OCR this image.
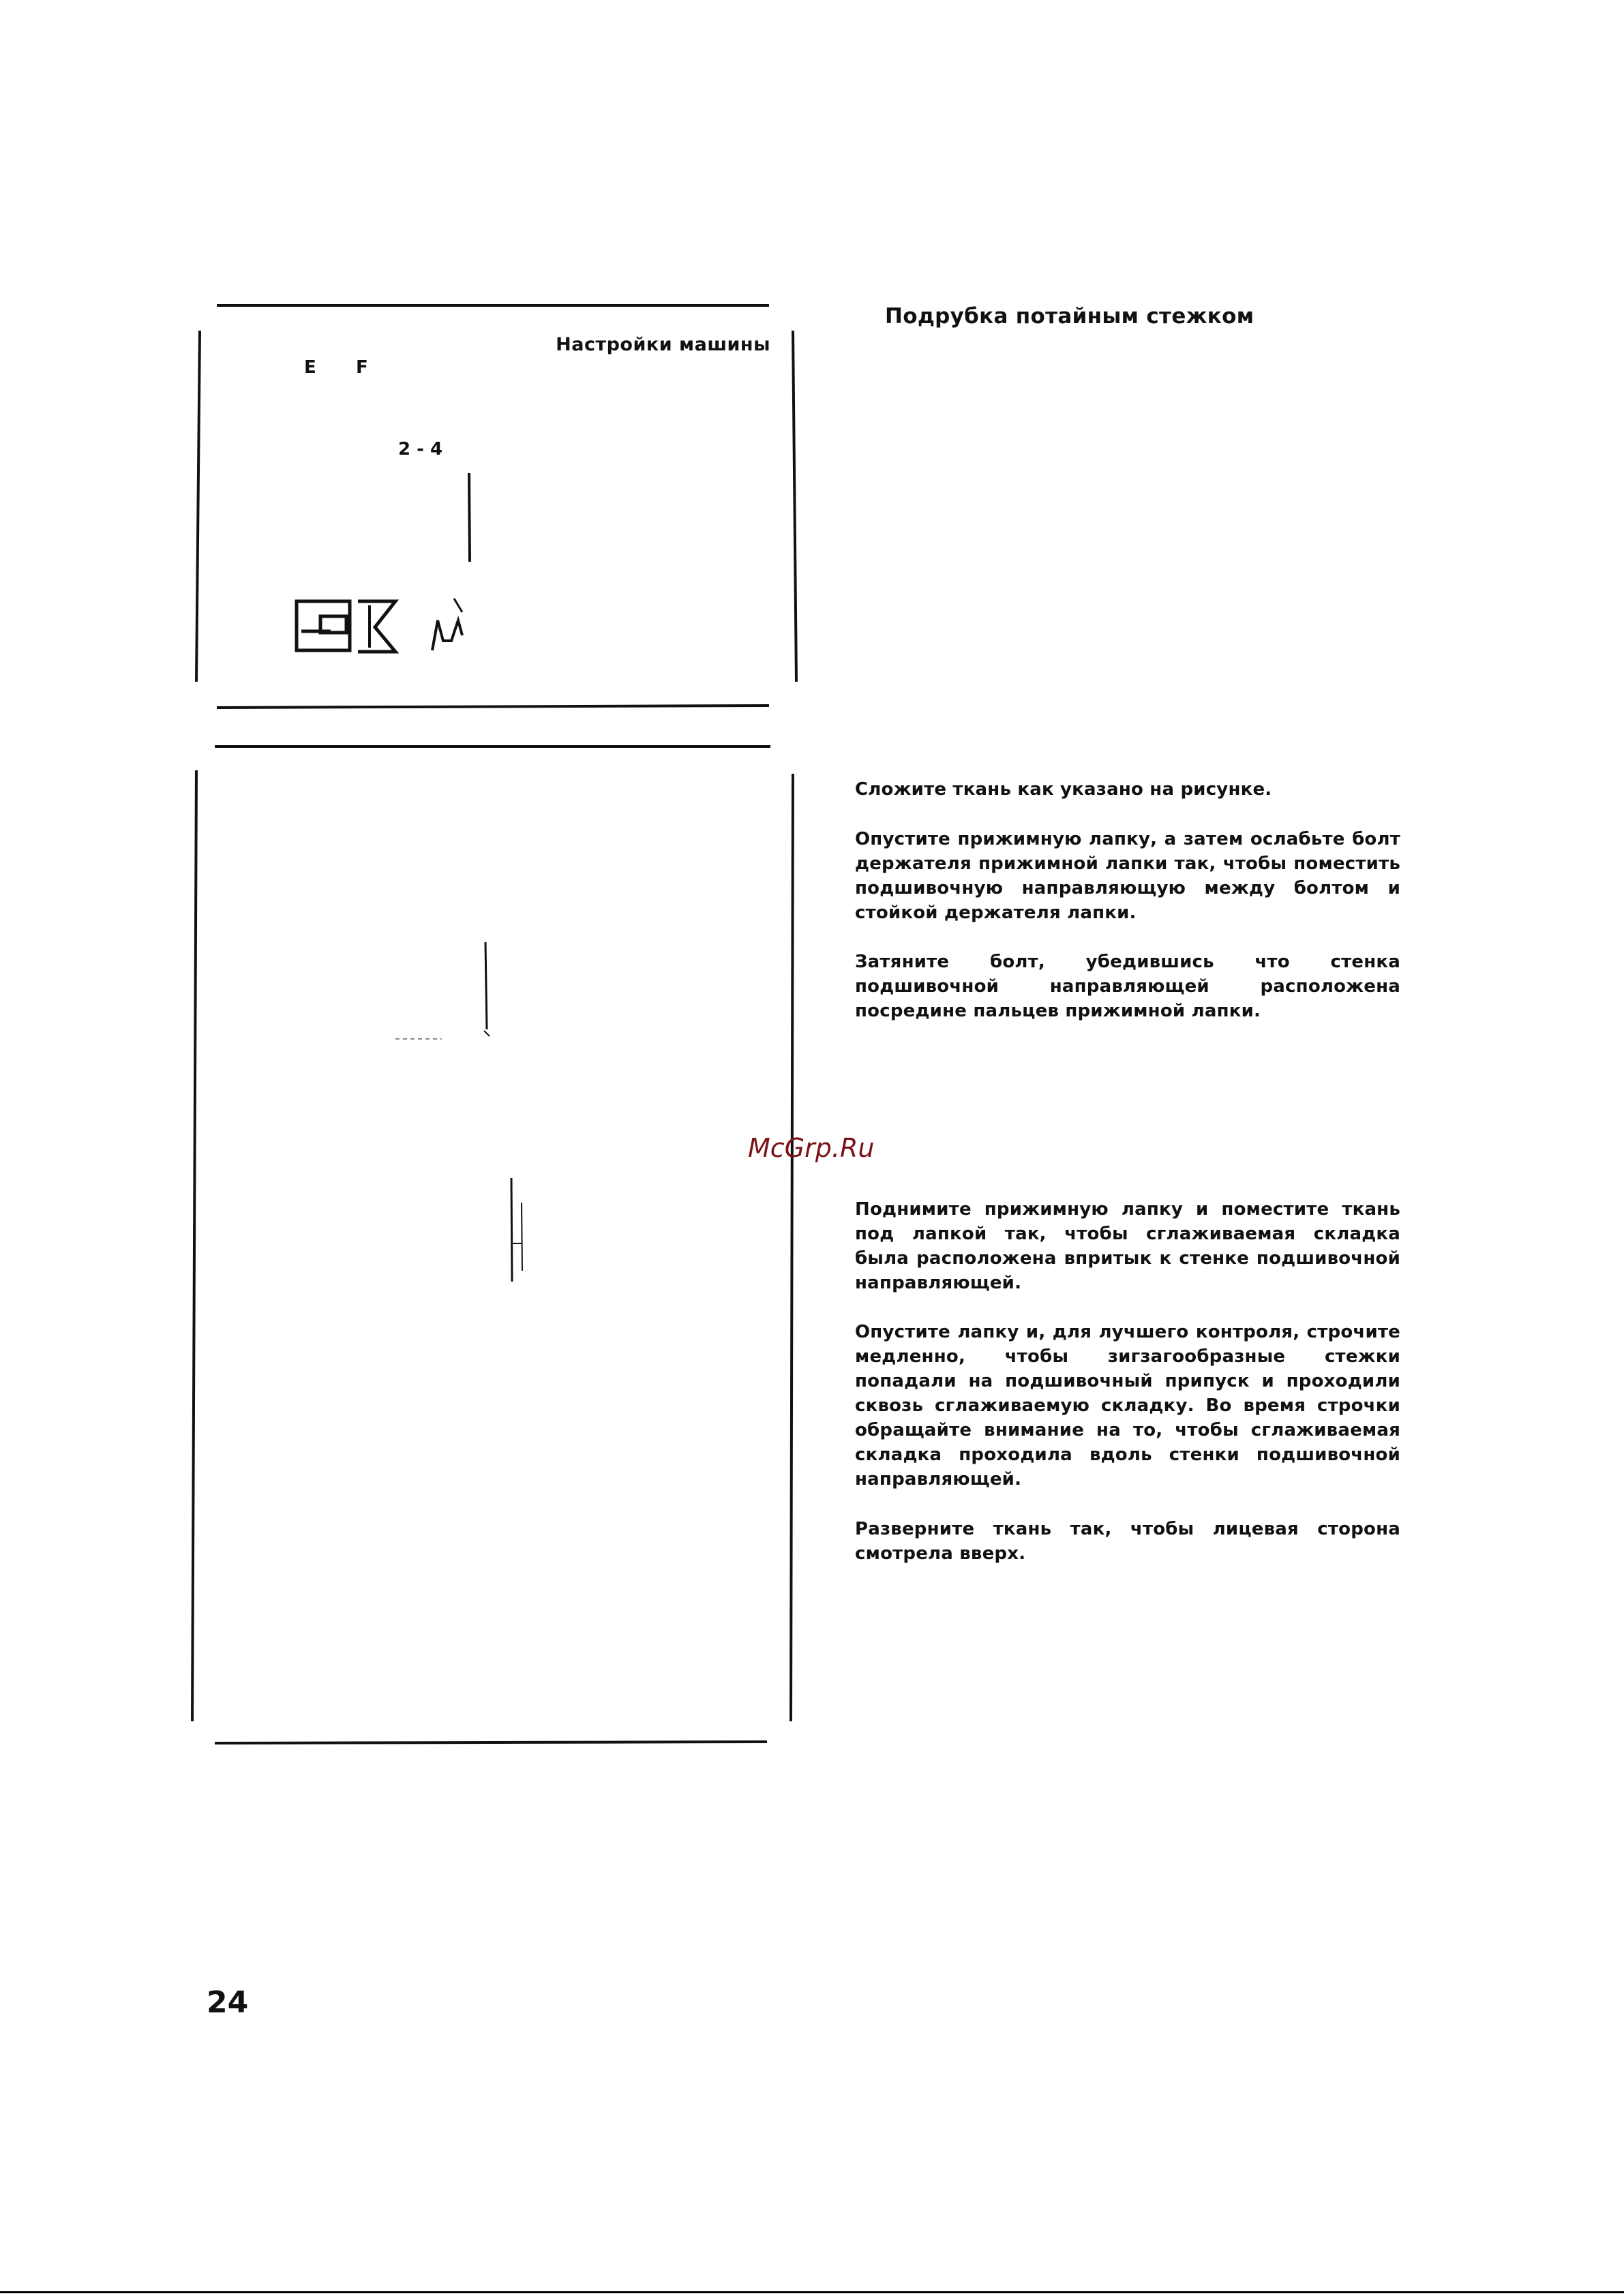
Настройки машины
E F
2 - 4
Подрубка потайным стежком

Сложите ткань как указано на рисунке.

Опустите прижимную лапку, а затем ослабьте болт держателя прижимной лапки так, чтобы поместить подшивочную направляющую между болтом и стойкой держателя лапки.

Затяните болт, убедившись что стенка подшивочной направляющей расположена посредине пальцев прижимной лапки.

Поднимите прижимную лапку и поместите ткань под лапкой так, чтобы сглаживаемая складка была расположена впритык к стенке подшивочной направляющей.

Опустите лапку и, для лучшего контроля, строчите медленно, чтобы зигзагообразные стежки попадали на подшивочный припуск и проходили сквозь сглаживаемую складку. Во время строчки обращайте внимание на то, чтобы сглаживаемая складка проходила вдоль стенки подшивочной направляющей.

Разверните ткань так, чтобы лицевая сторона смотрела вверх.

McGrp.Ru
24
